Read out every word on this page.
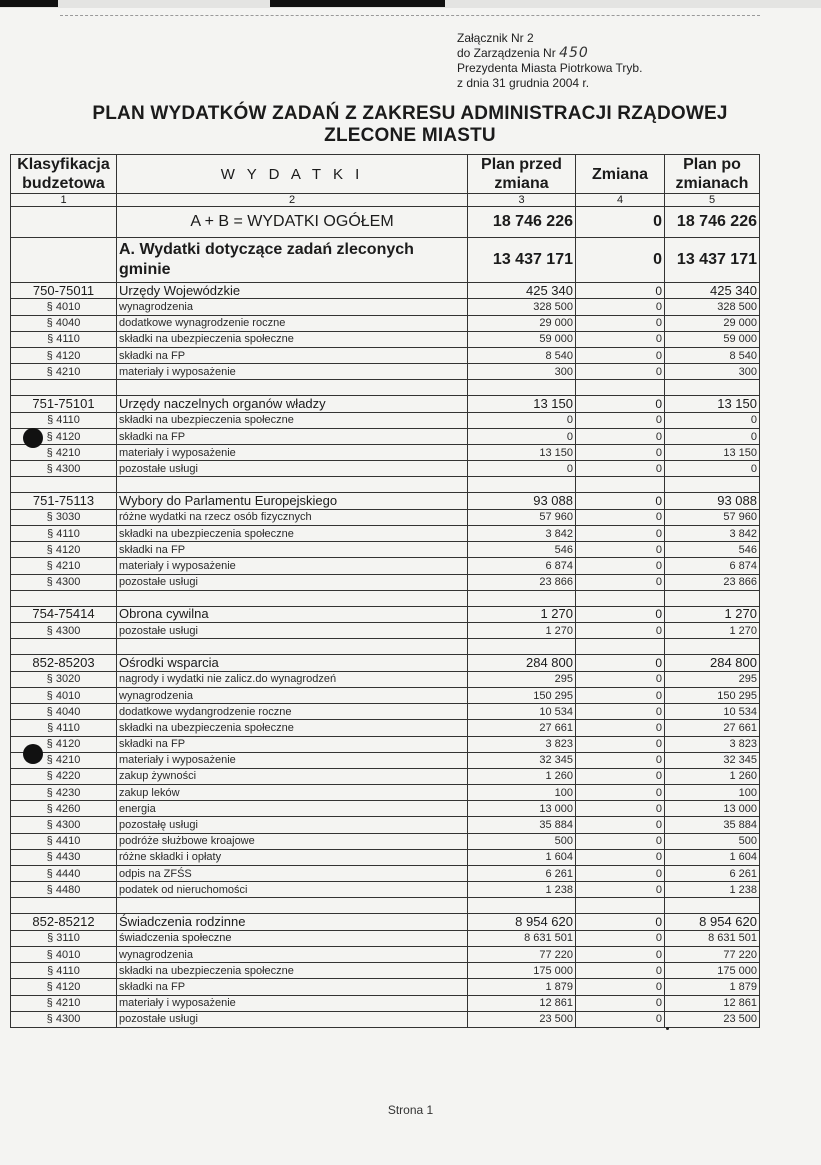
Załącznik Nr 2
do Zarządzenia Nr 450
Prezydenta Miasta Piotrkowa Tryb.
z dnia 31 grudnia 2004 r.
PLAN WYDATKÓW ZADAŃ Z ZAKRESU ADMINISTRACJI RZĄDOWEJ
ZLECONE MIASTU
Klasyfikacja budzetowa	W Y D A T K I	Plan przed zmiana	Zmiana	Plan po zmianach
1	2	3	4	5
	A + B = WYDATKI OGÓŁEM	18 746 226	0	18 746 226
	A. Wydatki dotyczące zadań zleconych gminie	13 437 171	0	13 437 171
750-75011	Urzędy Wojewódzkie	425 340	0	425 340
§ 4010	wynagrodzenia	328 500	0	328 500
§ 4040	dodatkowe wynagrodzenie roczne	29 000	0	29 000
§ 4110	składki na ubezpieczenia społeczne	59 000	0	59 000
§ 4120	składki na FP	8 540	0	8 540
§ 4210	materiały i wyposażenie	300	0	300

751-75101	Urzędy naczelnych organów władzy	13 150	0	13 150
§ 4110	składki na ubezpieczenia społeczne	0	0	0
§ 4120	składki na FP	0	0	0
§ 4210	materiały i wyposażenie	13 150	0	13 150
§ 4300	pozostałe usługi	0	0	0

751-75113	Wybory do Parlamentu Europejskiego	93 088	0	93 088
§ 3030	różne wydatki na rzecz osób fizycznych	57 960	0	57 960
§ 4110	składki na ubezpieczenia społeczne	3 842	0	3 842
§ 4120	składki na FP	546	0	546
§ 4210	materiały i wyposażenie	6 874	0	6 874
§ 4300	pozostałe usługi	23 866	0	23 866

754-75414	Obrona cywilna	1 270	0	1 270
§ 4300	pozostałe usługi	1 270	0	1 270

852-85203	Ośrodki wsparcia	284 800	0	284 800
§ 3020	nagrody i wydatki nie zalicz.do wynagrodzeń	295	0	295
§ 4010	wynagrodzenia	150 295	0	150 295
§ 4040	dodatkowe wydangrodzenie roczne	10 534	0	10 534
§ 4110	składki na ubezpieczenia społeczne	27 661	0	27 661
§ 4120	składki na FP	3 823	0	3 823
§ 4210	materiały i wyposażenie	32 345	0	32 345
§ 4220	zakup żywności	1 260	0	1 260
§ 4230	zakup leków	100	0	100
§ 4260	energia	13 000	0	13 000
§ 4300	pozostałę usługi	35 884	0	35 884
§ 4410	podróże służbowe kroajowe	500	0	500
§ 4430	różne składki i opłaty	1 604	0	1 604
§ 4440	odpis na ZFŚS	6 261	0	6 261
§ 4480	podatek od nieruchomości	1 238	0	1 238

852-85212	Świadczenia rodzinne	8 954 620	0	8 954 620
§ 3110	świadczenia społeczne	8 631 501	0	8 631 501
§ 4010	wynagrodzenia	77 220	0	77 220
§ 4110	składki na ubezpieczenia społeczne	175 000	0	175 000
§ 4120	składki na FP	1 879	0	1 879
§ 4210	materiały i wyposażenie	12 861	0	12 861
§ 4300	pozostałe usługi	23 500	0	23 500
Strona 1
